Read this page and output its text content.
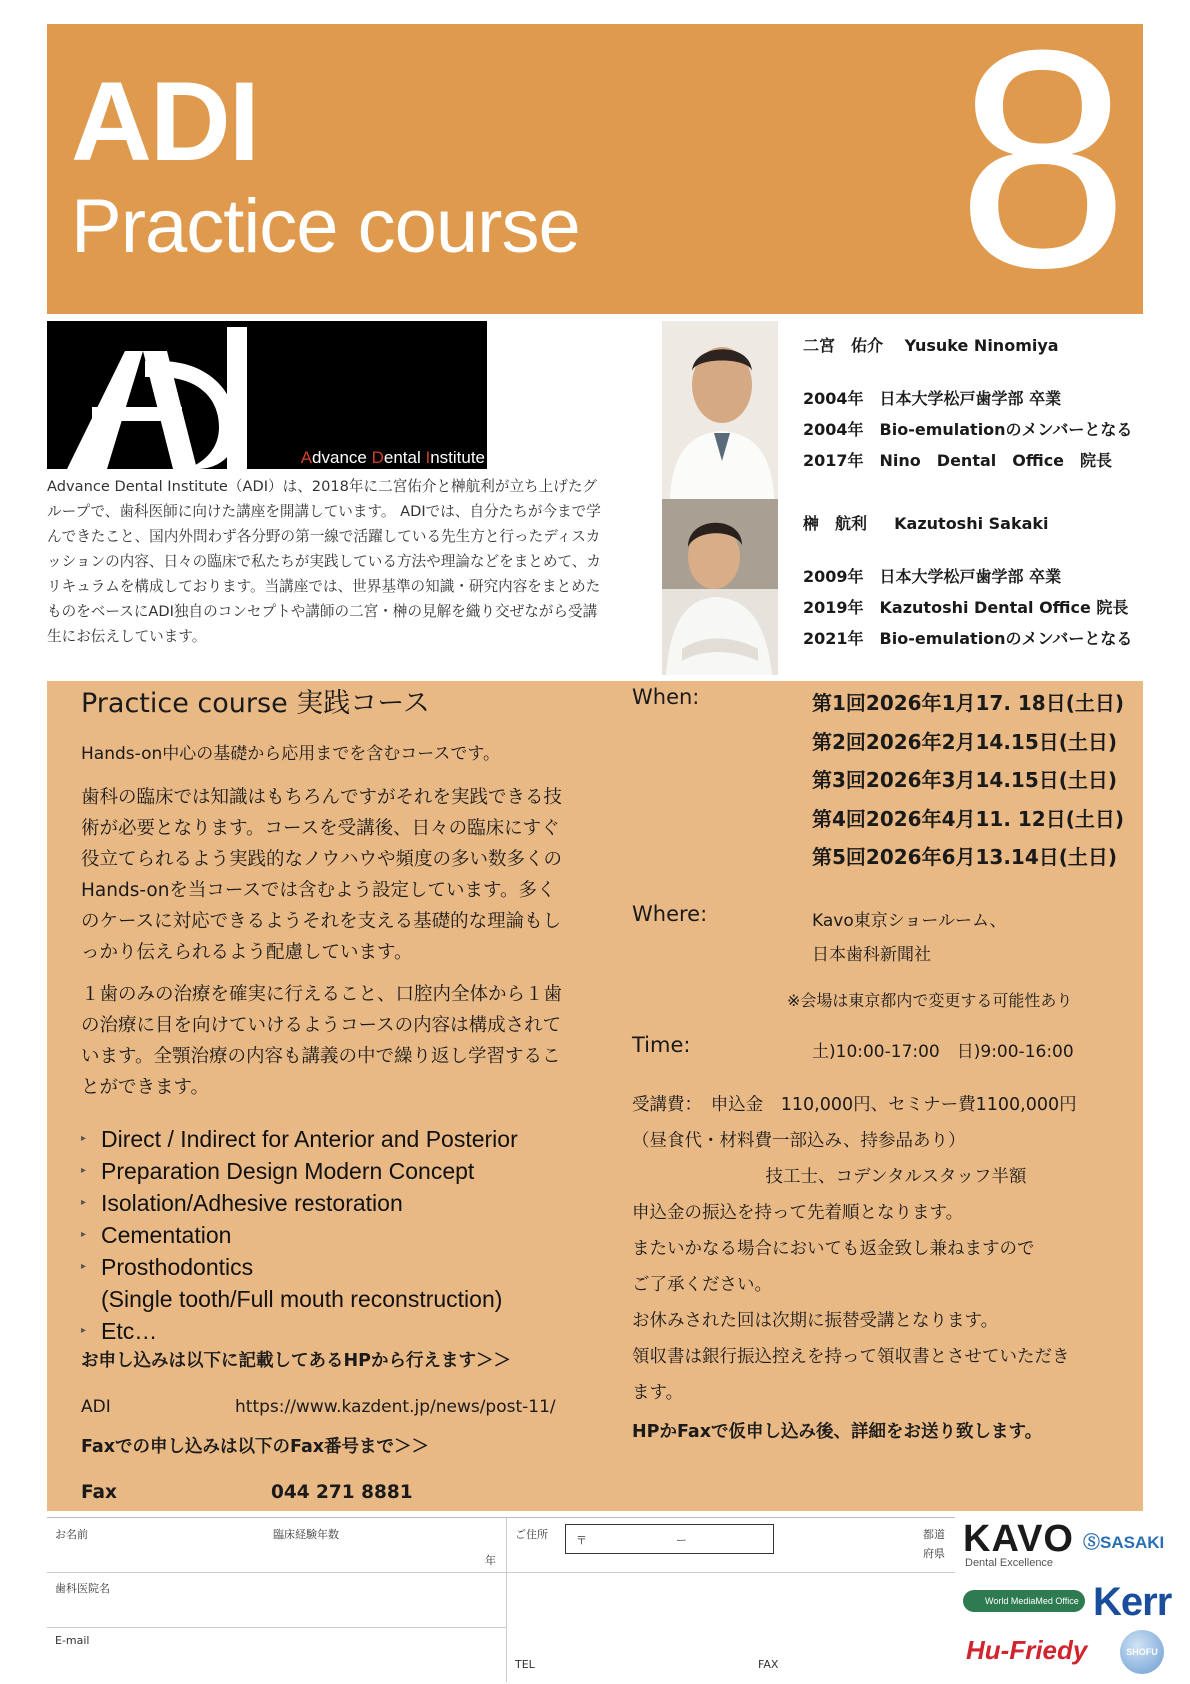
ADI
Practice course 8
Advance Dental Institute
Advance Dental Institute（ADI）は、2018年に二宮佑介と榊航利が立ち上げたグループで、歯科医師に向けた講座を開講しています。 ADIでは、自分たちが今まで学んできたこと、国内外問わず各分野の第一線で活躍している先生方と行ったディスカッションの内容、日々の臨床で私たちが実践している方法や理論などをまとめて、カリキュラムを構成しております。当講座では、世界基準の知識・研究内容をまとめたものをベースにADI独自のコンセプトや講師の二宮・榊の見解を織り交ぜながら受講生にお伝えしています。
二宮　佑介　 Yusuke Ninomiya
2004年　日本大学松戸歯学部 卒業
2004年　Bio-emulationのメンバーとなる
2017年　Nino　Dental　Office　院長
榊　航利　  Kazutoshi Sakaki
2009年　日本大学松戸歯学部 卒業
2019年　Kazutoshi Dental Office 院長
2021年　Bio-emulationのメンバーとなる
Practice course 実践コース
Hands-on中心の基礎から応用までを含むコースです。
歯科の臨床では知識はもちろんですがそれを実践できる技術が必要となります。コースを受講後、日々の臨床にすぐ役立てられるよう実践的なノウハウや頻度の多い数多くのHands-onを当コースでは含むよう設定しています。多くのケースに対応できるようそれを支える基礎的な理論もしっかり伝えられるよう配慮しています。
１歯のみの治療を確実に行えること、口腔内全体から１歯の治療に目を向けていけるようコースの内容は構成されています。全顎治療の内容も講義の中で繰り返し学習することができます。
▸ Direct / Indirect for Anterior and Posterior
▸ Preparation Design Modern Concept
▸ Isolation/Adhesive restoration
▸ Cementation
▸ Prosthodontics
(Single tooth/Full mouth reconstruction)
▸ Etc…
お申し込みは以下に記載してあるHPから行えます＞＞
ADI	https://www.kazdent.jp/news/post-11/
Faxでの申し込みは以下のFax番号まで＞＞
Fax	044 271 8881
When:	第1回2026年1月17. 18日(土日)
第2回2026年2月14.15日(土日)
第3回2026年3月14.15日(土日)
第4回2026年4月11. 12日(土日)
第5回2026年6月13.14日(土日)
Where:	Kavo東京ショールーム、
日本歯科新聞社
※会場は東京都内で変更する可能性あり
Time:	土)10:00-17:00　日)9:00-16:00
受講費：　申込金　110,000円、セミナー費1100,000円
（昼食代・材料費一部込み、持参品あり）
技工士、コデンタルスタッフ半額
申込金の振込を持って先着順となります。
またいかなる場合においても返金致し兼ねますので
ご了承ください。
お休みされた回は次期に振替受講となります。
領収書は銀行振込控えを持って領収書とさせていただき
ます。
HPかFaxで仮申し込み後、詳細をお送り致します。
お名前	臨床経験年数
年
ご住所	〒	ー	都道
府県
歯科医院名
E-mail
TEL	FAX
KAVO
Dental Excellence
ⓈSASAKI
World MediaMed Office Kerr
Hu-Friedy	SHOFU
